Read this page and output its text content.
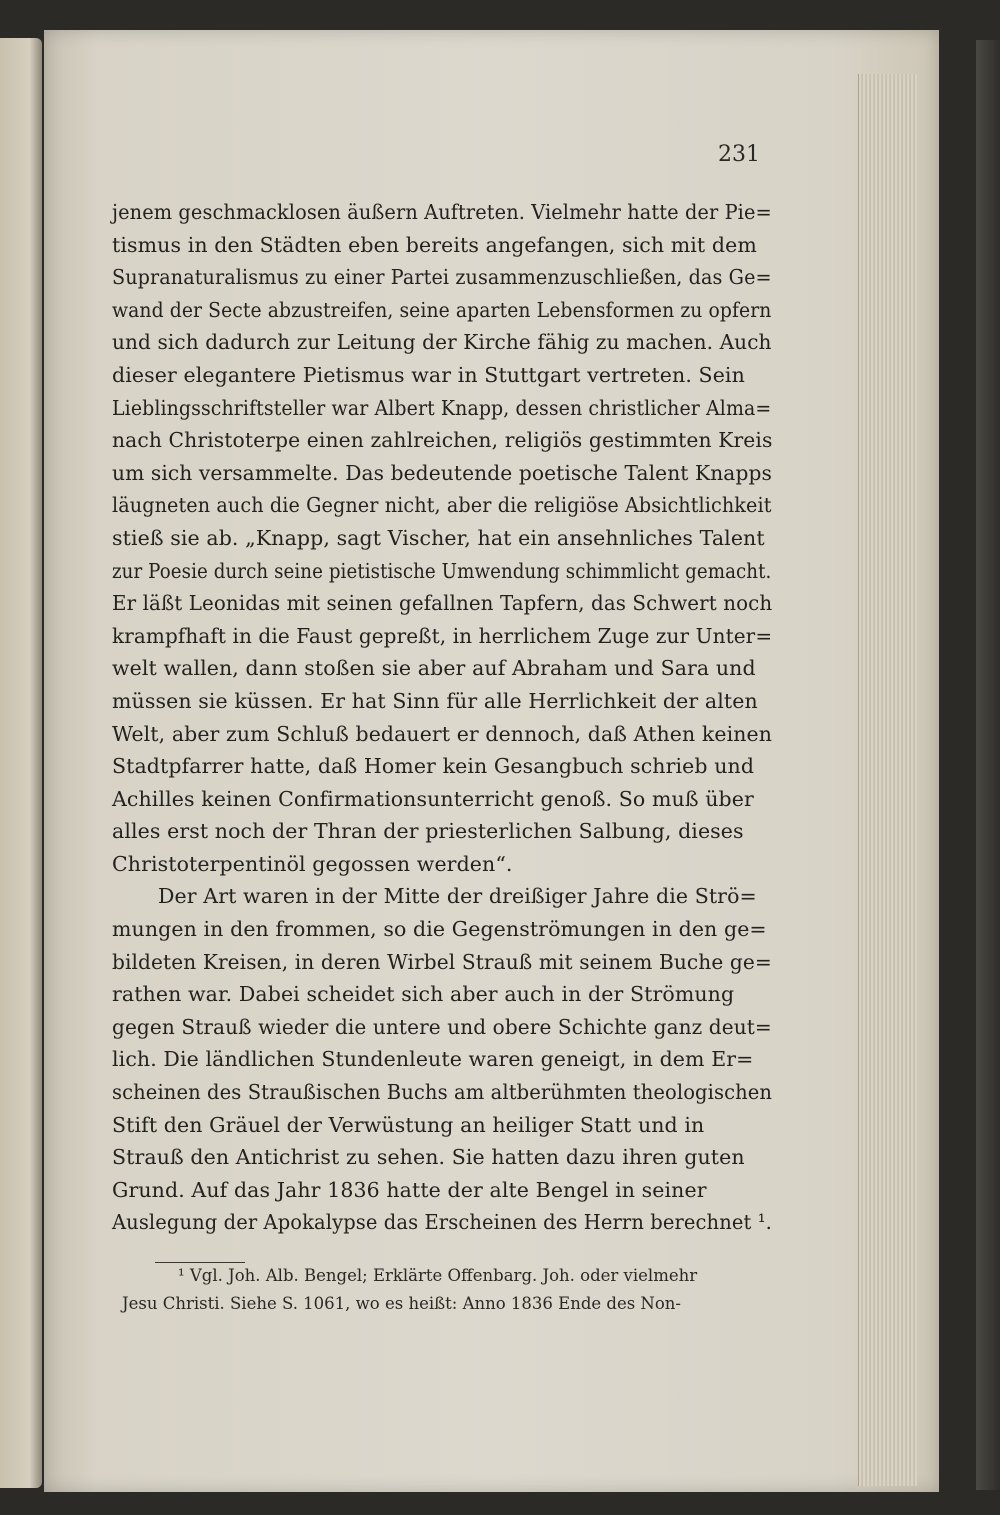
231
jenem geschmacklosen äußern Auftreten. Vielmehr hatte der Pie=
tismus in den Städten eben bereits angefangen, sich mit dem
Supranaturalismus zu einer Partei zusammenzuschließen, das Ge=
wand der Secte abzustreifen, seine aparten Lebensformen zu opfern
und sich dadurch zur Leitung der Kirche fähig zu machen. Auch
dieser elegantere Pietismus war in Stuttgart vertreten. Sein
Lieblingsschriftsteller war Albert Knapp, dessen christlicher Alma=
nach Christoterpe einen zahlreichen, religiös gestimmten Kreis
um sich versammelte. Das bedeutende poetische Talent Knapps
läugneten auch die Gegner nicht, aber die religiöse Absichtlichkeit
stieß sie ab. „Knapp, sagt Vischer, hat ein ansehnliches Talent
zur Poesie durch seine pietistische Umwendung schimmlicht gemacht.
Er läßt Leonidas mit seinen gefallnen Tapfern, das Schwert noch
krampfhaft in die Faust gepreßt, in herrlichem Zuge zur Unter=
welt wallen, dann stoßen sie aber auf Abraham und Sara und
müssen sie küssen. Er hat Sinn für alle Herrlichkeit der alten
Welt, aber zum Schluß bedauert er dennoch, daß Athen keinen
Stadtpfarrer hatte, daß Homer kein Gesangbuch schrieb und
Achilles keinen Confirmationsunterricht genoß. So muß über
alles erst noch der Thran der priesterlichen Salbung, dieses
Christoterpentinöl gegossen werden“.
Der Art waren in der Mitte der dreißiger Jahre die Strö=
mungen in den frommen, so die Gegenströmungen in den ge=
bildeten Kreisen, in deren Wirbel Strauß mit seinem Buche ge=
rathen war. Dabei scheidet sich aber auch in der Strömung
gegen Strauß wieder die untere und obere Schichte ganz deut=
lich. Die ländlichen Stundenleute waren geneigt, in dem Er=
scheinen des Straußischen Buchs am altberühmten theologischen
Stift den Gräuel der Verwüstung an heiliger Statt und in
Strauß den Antichrist zu sehen. Sie hatten dazu ihren guten
Grund. Auf das Jahr 1836 hatte der alte Bengel in seiner
Auslegung der Apokalypse das Erscheinen des Herrn berechnet ¹.
¹ Vgl. Joh. Alb. Bengel; Erklärte Offenbarg. Joh. oder vielmehr
Jesu Christi. Siehe S. 1061, wo es heißt: Anno 1836 Ende des Non-
